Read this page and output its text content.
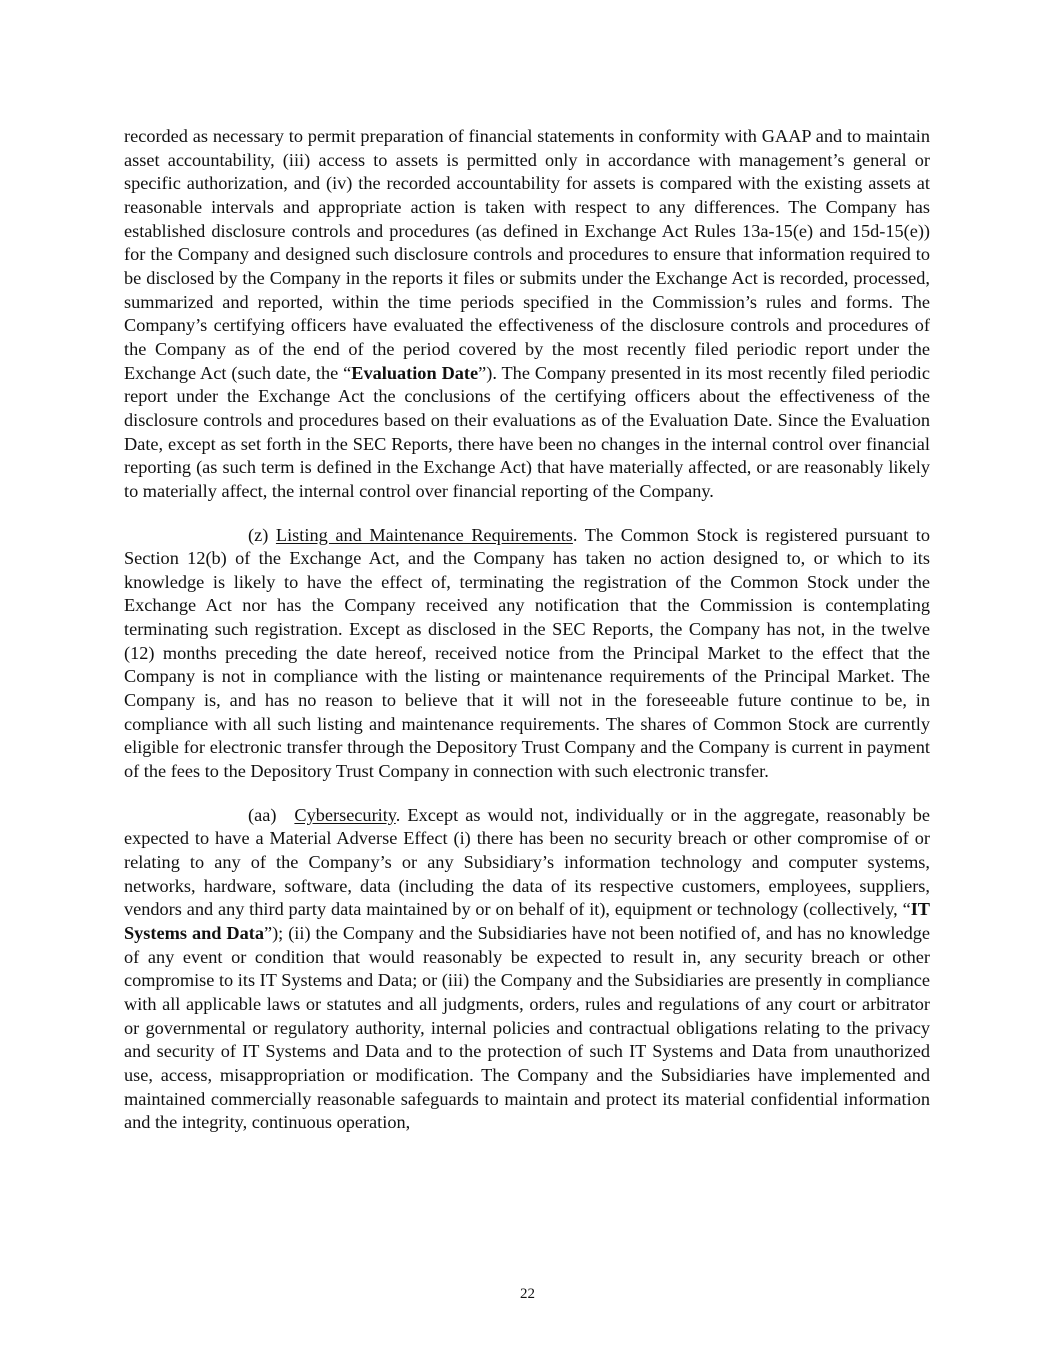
recorded as necessary to permit preparation of financial statements in conformity with GAAP and to maintain asset accountability, (iii) access to assets is permitted only in accordance with management’s general or specific authorization, and (iv) the recorded accountability for assets is compared with the existing assets at reasonable intervals and appropriate action is taken with respect to any differences. The Company has established disclosure controls and procedures (as defined in Exchange Act Rules 13a-15(e) and 15d-15(e)) for the Company and designed such disclosure controls and procedures to ensure that information required to be disclosed by the Company in the reports it files or submits under the Exchange Act is recorded, processed, summarized and reported, within the time periods specified in the Commission’s rules and forms. The Company’s certifying officers have evaluated the effectiveness of the disclosure controls and procedures of the Company as of the end of the period covered by the most recently filed periodic report under the Exchange Act (such date, the “Evaluation Date”). The Company presented in its most recently filed periodic report under the Exchange Act the conclusions of the certifying officers about the effectiveness of the disclosure controls and procedures based on their evaluations as of the Evaluation Date. Since the Evaluation Date, except as set forth in the SEC Reports, there have been no changes in the internal control over financial reporting (as such term is defined in the Exchange Act) that have materially affected, or are reasonably likely to materially affect, the internal control over financial reporting of the Company.

(z) Listing and Maintenance Requirements. The Common Stock is registered pursuant to Section 12(b) of the Exchange Act, and the Company has taken no action designed to, or which to its knowledge is likely to have the effect of, terminating the registration of the Common Stock under the Exchange Act nor has the Company received any notification that the Commission is contemplating terminating such registration. Except as disclosed in the SEC Reports, the Company has not, in the twelve (12) months preceding the date hereof, received notice from the Principal Market to the effect that the Company is not in compliance with the listing or maintenance requirements of the Principal Market. The Company is, and has no reason to believe that it will not in the foreseeable future continue to be, in compliance with all such listing and maintenance requirements. The shares of Common Stock are currently eligible for electronic transfer through the Depository Trust Company and the Company is current in payment of the fees to the Depository Trust Company in connection with such electronic transfer.

(aa) Cybersecurity. Except as would not, individually or in the aggregate, reasonably be expected to have a Material Adverse Effect (i) there has been no security breach or other compromise of or relating to any of the Company’s or any Subsidiary’s information technology and computer systems, networks, hardware, software, data (including the data of its respective customers, employees, suppliers, vendors and any third party data maintained by or on behalf of it), equipment or technology (collectively, “IT Systems and Data”); (ii) the Company and the Subsidiaries have not been notified of, and has no knowledge of any event or condition that would reasonably be expected to result in, any security breach or other compromise to its IT Systems and Data; or (iii) the Company and the Subsidiaries are presently in compliance with all applicable laws or statutes and all judgments, orders, rules and regulations of any court or arbitrator or governmental or regulatory authority, internal policies and contractual obligations relating to the privacy and security of IT Systems and Data and to the protection of such IT Systems and Data from unauthorized use, access, misappropriation or modification. The Company and the Subsidiaries have implemented and maintained commercially reasonable safeguards to maintain and protect its material confidential information and the integrity, continuous operation,

22
